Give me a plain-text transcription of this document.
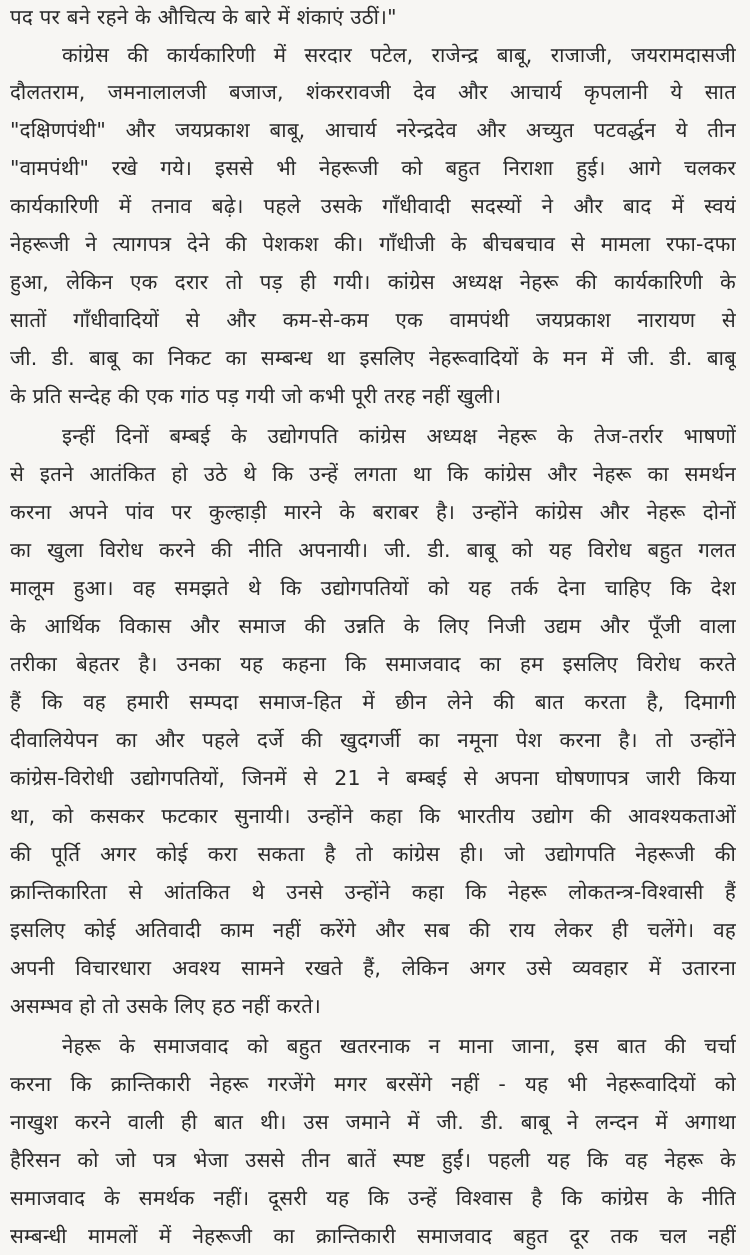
पद पर बने रहने के औचित्य के बारे में शंकाएं उठीं।"
कांग्रेस की कार्यकारिणी में सरदार पटेल, राजेन्द्र बाबू, राजाजी, जयरामदासजी
दौलतराम, जमनालालजी बजाज, शंकररावजी देव और आचार्य कृपलानी ये सात
"दक्षिणपंथी" और जयप्रकाश बाबू, आचार्य नरेन्द्रदेव और अच्युत पटवर्द्धन ये तीन
"वामपंथी" रखे गये। इससे भी नेहरूजी को बहुत निराशा हुई। आगे चलकर
कार्यकारिणी में तनाव बढ़े। पहले उसके गाँधीवादी सदस्यों ने और बाद में स्वयं
नेहरूजी ने त्यागपत्र देने की पेशकश की। गाँधीजी के बीचबचाव से मामला रफा-दफा
हुआ, लेकिन एक दरार तो पड़ ही गयी। कांग्रेस अध्यक्ष नेहरू की कार्यकारिणी के
सातों गाँधीवादियों से और कम-से-कम एक वामपंथी जयप्रकाश नारायण से
जी. डी. बाबू का निकट का सम्बन्ध था इसलिए नेहरूवादियों के मन में जी. डी. बाबू
के प्रति सन्देह की एक गांठ पड़ गयी जो कभी पूरी तरह नहीं खुली।
इन्हीं दिनों बम्बई के उद्योगपति कांग्रेस अध्यक्ष नेहरू के तेज-तर्रार भाषणों
से इतने आतंकित हो उठे थे कि उन्हें लगता था कि कांग्रेस और नेहरू का समर्थन
करना अपने पांव पर कुल्हाड़ी मारने के बराबर है। उन्होंने कांग्रेस और नेहरू दोनों
का खुला विरोध करने की नीति अपनायी। जी. डी. बाबू को यह विरोध बहुत गलत
मालूम हुआ। वह समझते थे कि उद्योगपतियों को यह तर्क देना चाहिए कि देश
के आर्थिक विकास और समाज की उन्नति के लिए निजी उद्यम और पूँजी वाला
तरीका बेहतर है। उनका यह कहना कि समाजवाद का हम इसलिए विरोध करते
हैं कि वह हमारी सम्पदा समाज-हित में छीन लेने की बात करता है, दिमागी
दीवालियेपन का और पहले दर्जे की खुदगर्जी का नमूना पेश करना है। तो उन्होंने
कांग्रेस-विरोधी उद्योगपतियों, जिनमें से 21 ने बम्बई से अपना घोषणापत्र जारी किया
था, को कसकर फटकार सुनायी। उन्होंने कहा कि भारतीय उद्योग की आवश्यकताओं
की पूर्ति अगर कोई करा सकता है तो कांग्रेस ही। जो उद्योगपति नेहरूजी की
क्रान्तिकारिता से आंतकित थे उनसे उन्होंने कहा कि नेहरू लोकतन्त्र-विश्वासी हैं
इसलिए कोई अतिवादी काम नहीं करेंगे और सब की राय लेकर ही चलेंगे। वह
अपनी विचारधारा अवश्य सामने रखते हैं, लेकिन अगर उसे व्यवहार में उतारना
असम्भव हो तो उसके लिए हठ नहीं करते।
नेहरू के समाजवाद को बहुत खतरनाक न माना जाना, इस बात की चर्चा
करना कि क्रान्तिकारी नेहरू गरजेंगे मगर बरसेंगे नहीं - यह भी नेहरूवादियों को
नाखुश करने वाली ही बात थी। उस जमाने में जी. डी. बाबू ने लन्दन में अगाथा
हैरिसन को जो पत्र भेजा उससे तीन बातें स्पष्ट हुईं। पहली यह कि वह नेहरू के
समाजवाद के समर्थक नहीं। दूसरी यह कि उन्हें विश्वास है कि कांग्रेस के नीति
सम्बन्धी मामलों में नेहरूजी का क्रान्तिकारी समाजवाद बहुत दूर तक चल नहीं
